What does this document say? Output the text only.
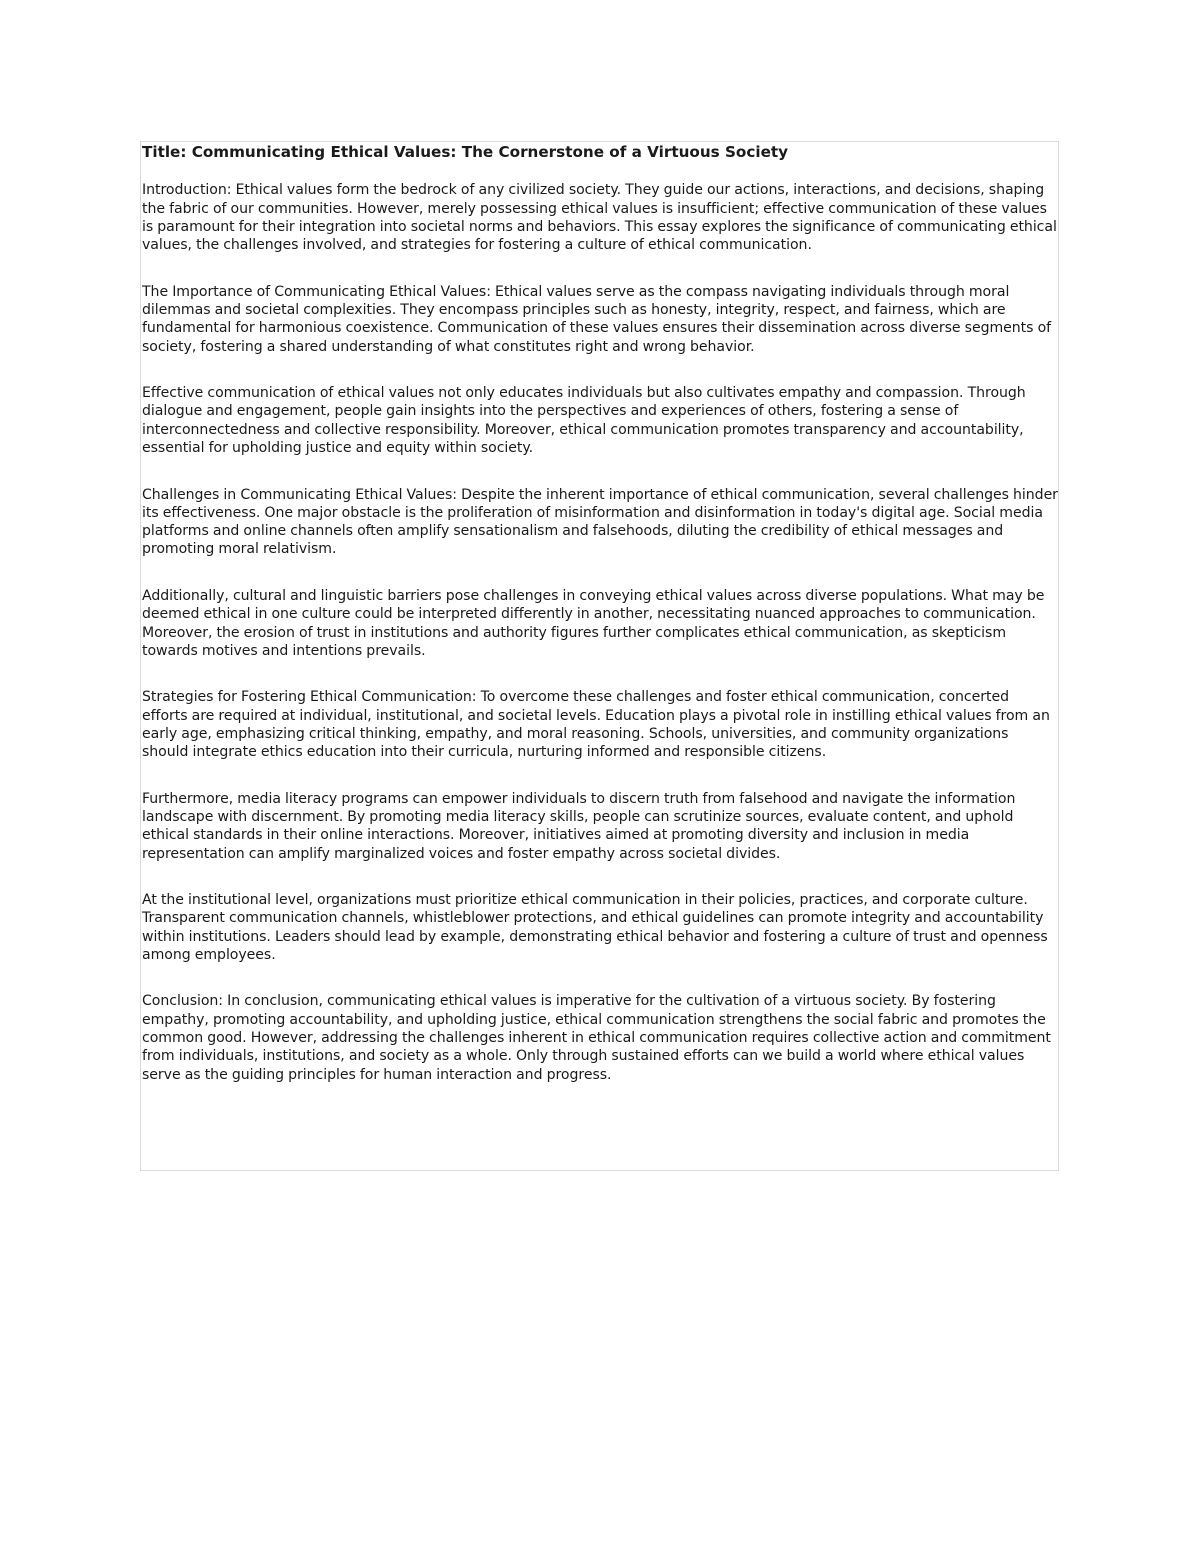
Title: Communicating Ethical Values: The Cornerstone of a Virtuous Society

Introduction: Ethical values form the bedrock of any civilized society. They guide our actions, interactions, and decisions, shaping the fabric of our communities. However, merely possessing ethical values is insufficient; effective communication of these values is paramount for their integration into societal norms and behaviors. This essay explores the significance of communicating ethical values, the challenges involved, and strategies for fostering a culture of ethical communication.

The Importance of Communicating Ethical Values: Ethical values serve as the compass navigating individuals through moral dilemmas and societal complexities. They encompass principles such as honesty, integrity, respect, and fairness, which are fundamental for harmonious coexistence. Communication of these values ensures their dissemination across diverse segments of society, fostering a shared understanding of what constitutes right and wrong behavior.

Effective communication of ethical values not only educates individuals but also cultivates empathy and compassion. Through dialogue and engagement, people gain insights into the perspectives and experiences of others, fostering a sense of interconnectedness and collective responsibility. Moreover, ethical communication promotes transparency and accountability, essential for upholding justice and equity within society.

Challenges in Communicating Ethical Values: Despite the inherent importance of ethical communication, several challenges hinder its effectiveness. One major obstacle is the proliferation of misinformation and disinformation in today's digital age. Social media platforms and online channels often amplify sensationalism and falsehoods, diluting the credibility of ethical messages and promoting moral relativism.

Additionally, cultural and linguistic barriers pose challenges in conveying ethical values across diverse populations. What may be deemed ethical in one culture could be interpreted differently in another, necessitating nuanced approaches to communication. Moreover, the erosion of trust in institutions and authority figures further complicates ethical communication, as skepticism towards motives and intentions prevails.

Strategies for Fostering Ethical Communication: To overcome these challenges and foster ethical communication, concerted efforts are required at individual, institutional, and societal levels. Education plays a pivotal role in instilling ethical values from an early age, emphasizing critical thinking, empathy, and moral reasoning. Schools, universities, and community organizations should integrate ethics education into their curricula, nurturing informed and responsible citizens.

Furthermore, media literacy programs can empower individuals to discern truth from falsehood and navigate the information landscape with discernment. By promoting media literacy skills, people can scrutinize sources, evaluate content, and uphold ethical standards in their online interactions. Moreover, initiatives aimed at promoting diversity and inclusion in media representation can amplify marginalized voices and foster empathy across societal divides.

At the institutional level, organizations must prioritize ethical communication in their policies, practices, and corporate culture. Transparent communication channels, whistleblower protections, and ethical guidelines can promote integrity and accountability within institutions. Leaders should lead by example, demonstrating ethical behavior and fostering a culture of trust and openness among employees.

Conclusion: In conclusion, communicating ethical values is imperative for the cultivation of a virtuous society. By fostering empathy, promoting accountability, and upholding justice, ethical communication strengthens the social fabric and promotes the common good. However, addressing the challenges inherent in ethical communication requires collective action and commitment from individuals, institutions, and society as a whole. Only through sustained efforts can we build a world where ethical values serve as the guiding principles for human interaction and progress.
